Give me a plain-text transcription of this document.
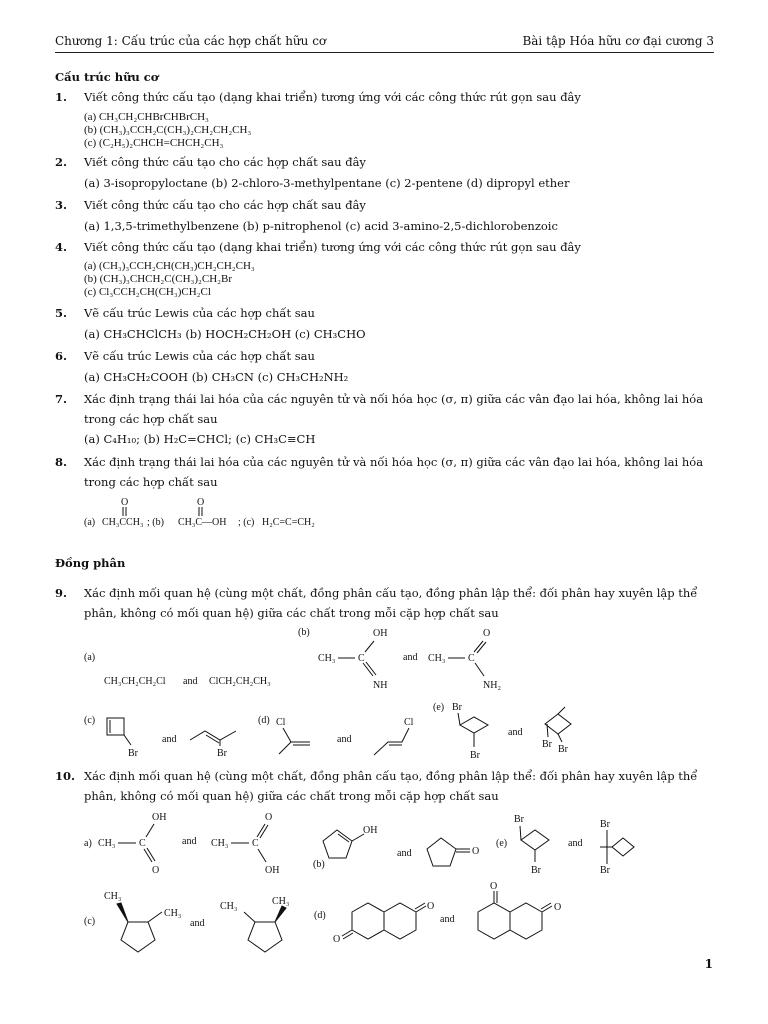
Chương 1: Cấu trúc của các hợp chất hữu cơ	Bài tập Hóa hữu cơ đại cương 3
Cấu trúc hữu cơ
1. Viết công thức cấu tạo (dạng khai triển) tương ứng với các công thức rút gọn sau đây
(a) CH₃CH₂CHBrCHBrCH₃
(b) (CH₃)₃CCH₂C(CH₃)₂CH₂CH₂CH₃
(c) (C₂H₅)₂CHCH=CHCH₂CH₃
2. Viết công thức cấu tạo cho các hợp chất sau đây
(a) 3-isopropyloctane (b) 2-chloro-3-methylpentane (c) 2-pentene (d) dipropyl ether
3. Viết công thức cấu tạo cho các hợp chất sau đây
(a) 1,3,5-trimethylbenzene (b) p-nitrophenol (c) acid 3-amino-2,5-dichlorobenzoic
4. Viết công thức cấu tạo (dạng khai triển) tương ứng với các công thức rút gọn sau đây
(a) (CH₃)₃CCH₂CH(CH₃)CH₂CH₂CH₃
(b) (CH₃)₃CHCH₂C(CH₃)₂CH₂Br
(c) Cl₃CCH₂CH(CH₃)CH₂Cl
5. Vẽ cấu trúc Lewis của các hợp chất sau
(a) CH₃CHClCH₃ (b) HOCH₂CH₂OH (c) CH₃CHO
6. Vẽ cấu trúc Lewis của các hợp chất sau
(a) CH₃CH₂COOH (b) CH₃CN (c) CH₃CH₂NH₂
7. Xác định trạng thái lai hóa của các nguyên tử và nối hóa học (σ, π) giữa các vân đạo lai hóa, không lai hóa trong các hợp chất sau
(a) C₄H₁₀; (b) H₂C=CHCl; (c) CH₃C≡CH
8. Xác định trạng thái lai hóa của các nguyên tử và nối hóa học (σ, π) giữa các vân đạo lai hóa, không lai hóa trong các hợp chất sau
Đồng phân
9. Xác định mối quan hệ (cùng một chất, đồng phân cấu tạo, đồng phân lập thể: đối phân hay xuyên lập thể phân, không có mối quan hệ) giữa các chất trong mỗi cặp hợp chất sau
10. Xác định mối quan hệ (cùng một chất, đồng phân cấu tạo, đồng phân lập thể: đối phân hay xuyên lập thể phân, không có mối quan hệ) giữa các chất trong mỗi cặp hợp chất sau
(a) CH₃CCH₃
O
; (b) CH₃C—OH
O
; (c) H₂C=C=CH₂
(a)
CH₃CH₂CH₂Cl and ClCH₂CH₂CH₃
(b)
CH₃ C
OH
NH
and CH₃ C
O
NH₂
(c)
Br
and
Br
(d) Cl
and
Cl
(e) Br
Br
and
Br Br
a) CH₃ C
OH
O
and CH₃ C
O
OH
(b)
OH
and	O
(e)
Br
Br
and
Br
Br
(c)
CH₃
CH₃
and
CH₃	CH₃
(d)
O
O
and
O
O
1
